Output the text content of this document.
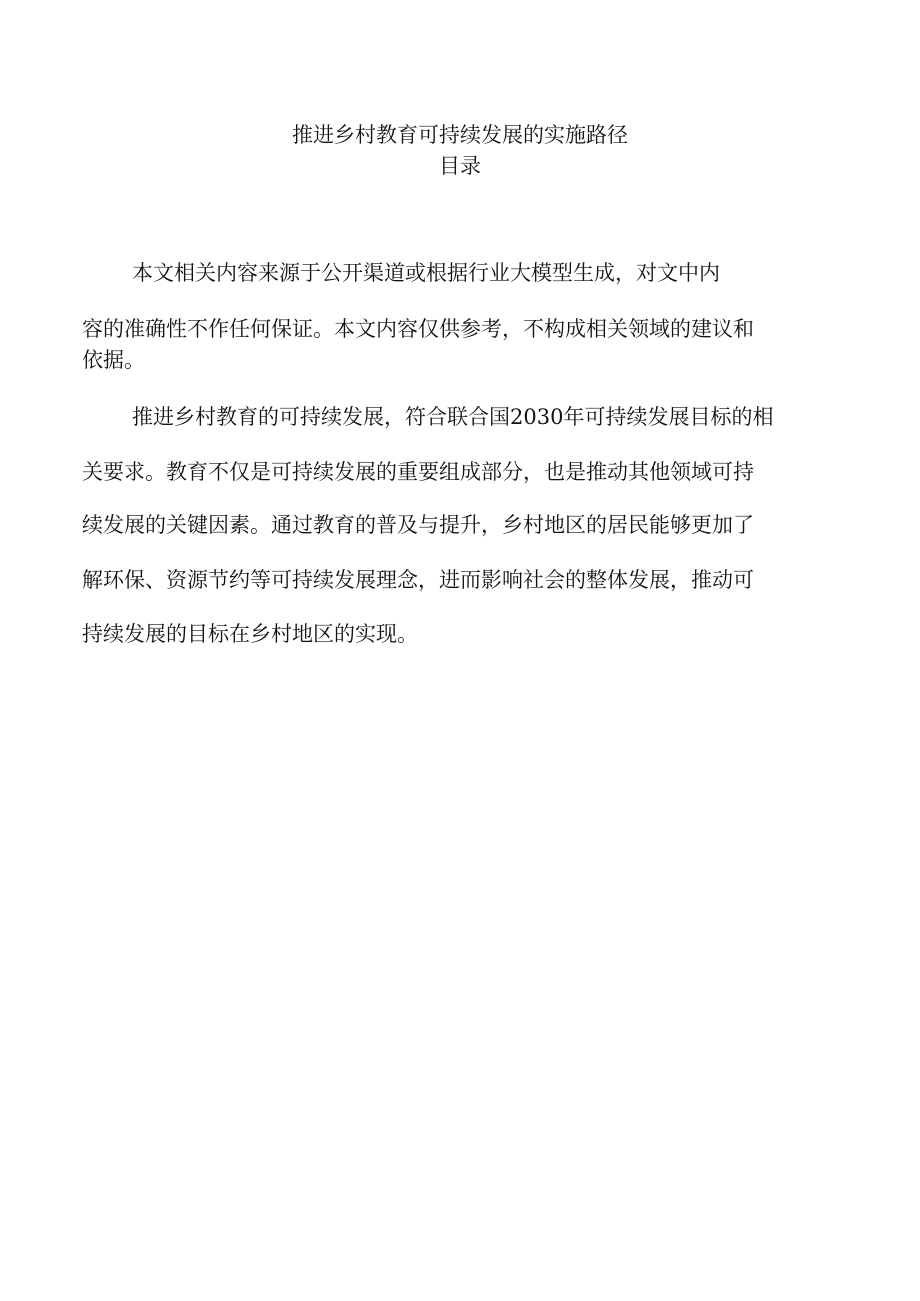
推进乡村教育可持续发展的实施路径
目录
本文相关内容来源于公开渠道或根据行业大模型生成，对文中内
容的准确性不作任何保证。本文内容仅供参考，不构成相关领域的建议和
依据。
推进乡村教育的可持续发展，符合联合国2030年可持续发展目标的相
关要求。教育不仅是可持续发展的重要组成部分，也是推动其他领域可持
续发展的关键因素。通过教育的普及与提升，乡村地区的居民能够更加了
解环保、资源节约等可持续发展理念，进而影响社会的整体发展，推动可
持续发展的目标在乡村地区的实现。
